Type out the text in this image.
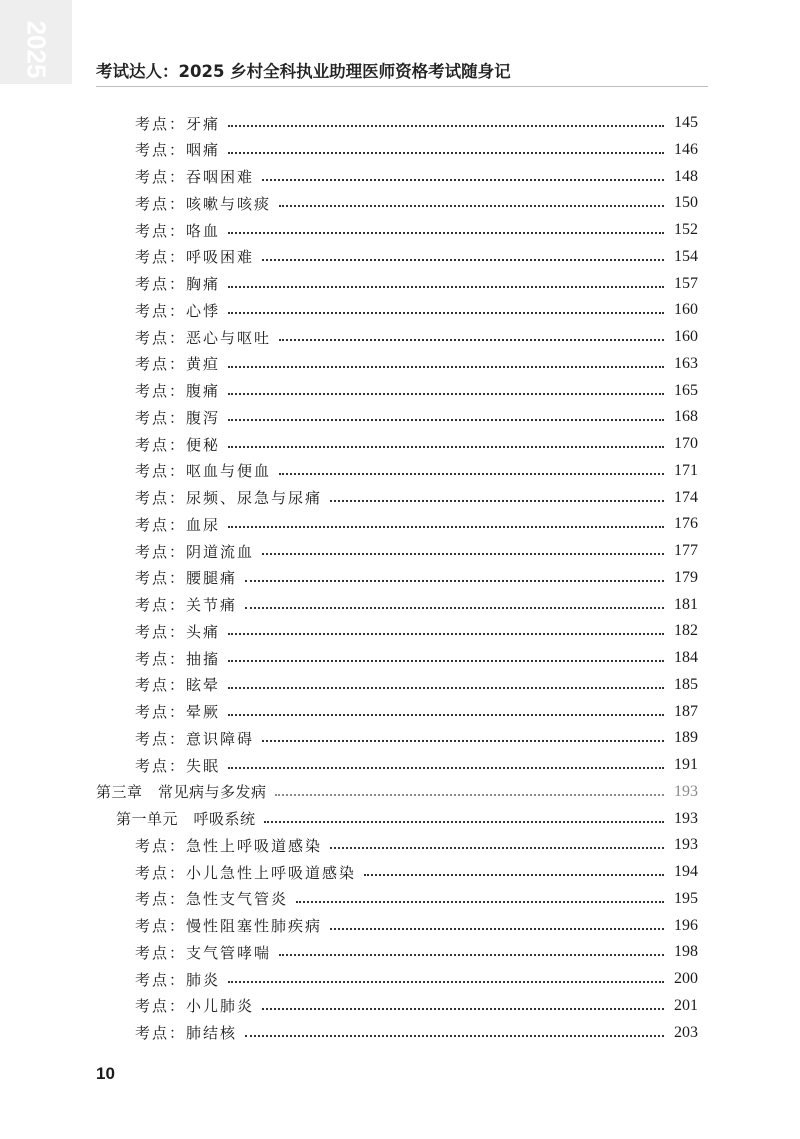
2025	考试达人：2025 乡村全科执业助理医师资格考试随身记
考点：牙痛	145
考点：咽痛	146
考点：吞咽困难	148
考点：咳嗽与咳痰	150
考点：咯血	152
考点：呼吸困难	154
考点：胸痛	157
考点：心悸	160
考点：恶心与呕吐	160
考点：黄疸	163
考点：腹痛	165
考点：腹泻	168
考点：便秘	170
考点：呕血与便血	171
考点：尿频、尿急与尿痛	174
考点：血尿	176
考点：阴道流血	177
考点：腰腿痛	179
考点：关节痛	181
考点：头痛	182
考点：抽搐	184
考点：眩晕	185
考点：晕厥	187
考点：意识障碍	189
考点：失眠	191
第三章　常见病与多发病	193
第一单元　呼吸系统	193
考点：急性上呼吸道感染	193
考点：小儿急性上呼吸道感染	194
考点：急性支气管炎	195
考点：慢性阻塞性肺疾病	196
考点：支气管哮喘	198
考点：肺炎	200
考点：小儿肺炎	201
考点：肺结核	203
10
